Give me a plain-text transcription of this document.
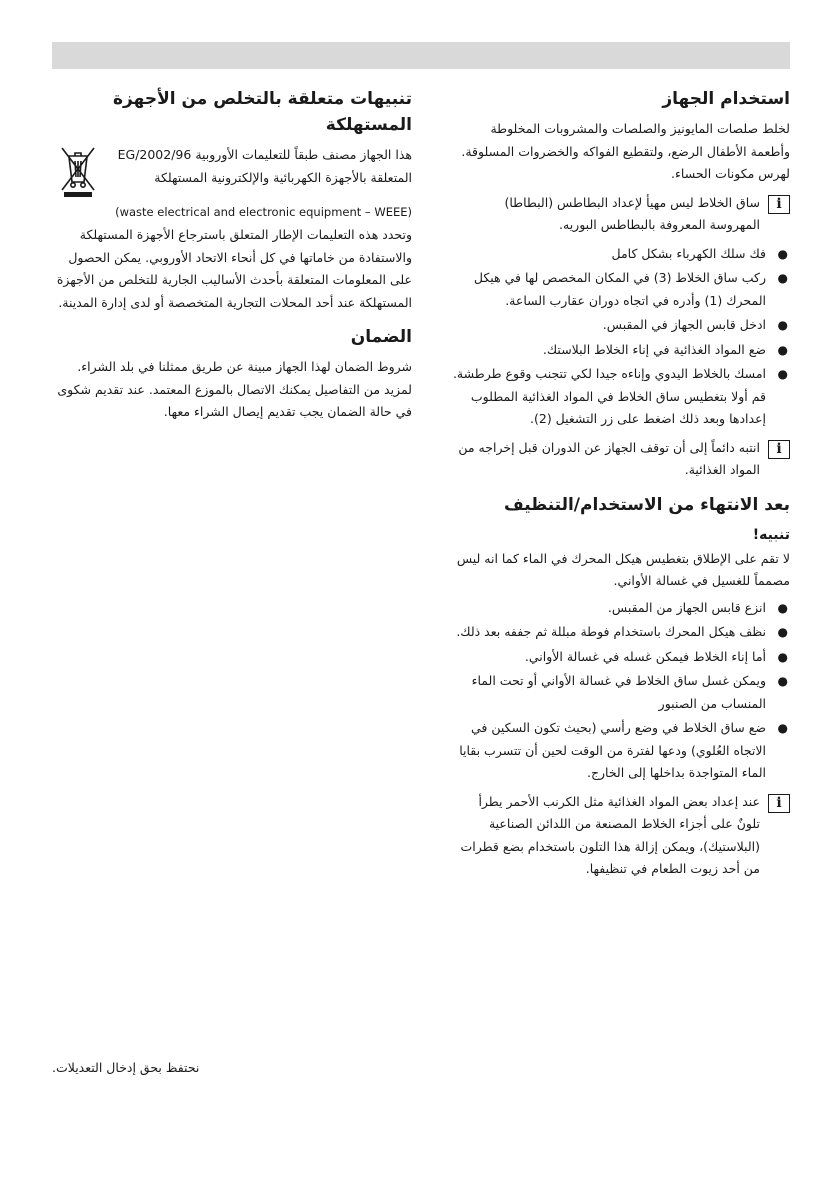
استخدام الجهاز

لخلط صلصات المايونيز والصلصات والمشروبات المخلوطة وأطعمة الأطفال الرضع، ولتقطيع الفواكه والخضروات المسلوقة.

لهرس مكونات الحساء.

i

ساق الخلاط ليس مهيأ لإعداد البطاطس (البطاطا) المهروسة المعروفة بالبطاطس البوريه.

●
فك سلك الكهرباء بشكل كامل
●
ركب ساق الخلاط (3) في المكان المخصص لها في هيكل المحرك (1) وأدره في اتجاه دوران عقارب الساعة.
●
ادخل قابس الجهاز في المقبس.
●
ضع المواد الغذائية في إناء الخلاط البلاستك.
●
امسك بالخلاط اليدوي وإناءه جيدا لكي تتجنب وقوع طرطشة. قم أولا بتغطيس ساق الخلاط في المواد الغذائية المطلوب إعدادها وبعد ذلك اضغط على زر التشغيل (2).
i

انتبه دائماً إلى أن توقف الجهاز عن الدوران قبل إخراجه من المواد الغذائية.

بعد الانتهاء من الاستخدام/التنظيف
تنبيه!

لا تقم على الإطلاق بتغطيس هيكل المحرك في الماء كما انه ليس مصمماً للغسيل في غسالة الأواني.

●
انزع قابس الجهاز من المقبس.
●
نظف هيكل المحرك باستخدام فوطة مبللة ثم جففه بعد ذلك.
●
أما إناء الخلاط فيمكن غسله في غسالة الأواني.
●
ويمكن غسل ساق الخلاط في غسالة الأواني أو تحت الماء المنساب من الصنبور
●
ضع ساق الخلاط في وضع رأسي (بحيث تكون السكين في الاتجاه العُلوي) ودعها لفترة من الوقت لحين أن تتسرب بقايا الماء المتواجدة بداخلها إلى الخارج.
i

عند إعداد بعض المواد الغذائية مثل الكرنب الأحمر يطرأ تلونٌ على أجزاء الخلاط المصنعة من اللدائن الصناعية (البلاستيك)، ويمكن إزالة هذا التلون باستخدام بضع قطرات من أحد زيوت الطعام في تنظيفها.

تنبيهات متعلقة بالتخلص من الأجهزة المستهلكة

هذا الجهاز مصنف طبقاً للتعليمات الأوروبية 2002/96/EG المتعلقة بالأجهزة الكهربائية والإلكترونية المستهلكة

(waste electrical and electronic equipment – WEEE)

وتحدد هذه التعليمات الإطار المتعلق باسترجاع الأجهزة المستهلكة والاستفادة من خاماتها في كل أنحاء الاتحاد الأوروبي. يمكن الحصول على المعلومات المتعلقة بأحدث الأساليب الجارية للتخلص من الأجهزة المستهلكة عند أحد المحلات التجارية المتخصصة أو لدى إدارة المدينة.

الضمان

شروط الضمان لهذا الجهاز مبينة عن طريق ممثلنا في بلد الشراء. لمزيد من التفاصيل يمكنك الاتصال بالموزع المعتمد. عند تقديم شكوى في حالة الضمان يجب تقديم إيصال الشراء معها.

نحتفظ بحق إدخال التعديلات.
